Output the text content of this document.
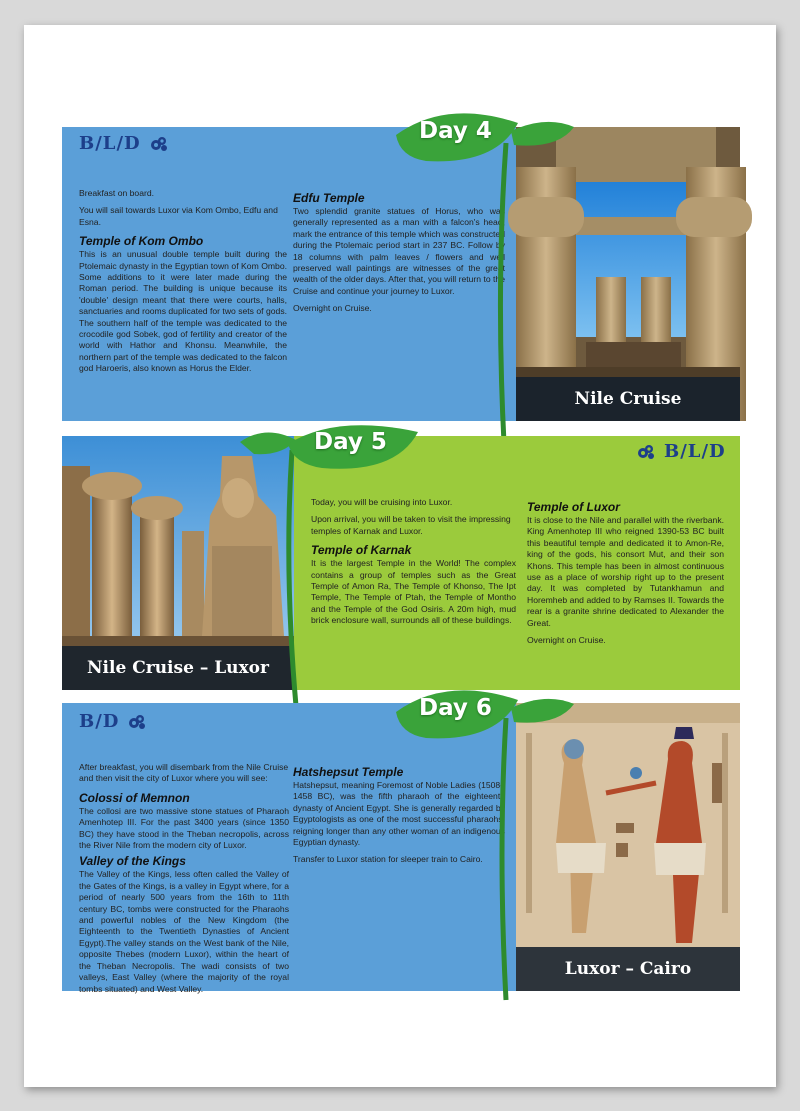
B/L/D

Breakfast on board.

You will sail towards Luxor via Kom Ombo, Edfu and Esna.

Temple of Kom Ombo
This is an unusual double temple built during the Ptolemaic dynasty in the Egyptian town of Kom Ombo. Some additions to it were later made during the Roman period. The building is unique because its 'double' design meant that there were courts, halls, sanctuaries and rooms duplicated for two sets of gods. The southern half of the temple was dedicated to the crocodile god Sobek, god of fertility and creator of the world with Hathor and Khonsu. Meanwhile, the northern part of the temple was dedicated to the falcon god Haroeris, also known as Horus the Elder.
Edfu Temple
Two splendid granite statues of Horus, who was generally represented as a man with a falcon's head, mark the entrance of this temple which was constructed during the Ptolemaic period start in 237 BC. Follow by 18 columns with palm leaves / flowers and well preserved wall paintings are witnesses of the great wealth of the older days. After that, you will return to the Cruise and continue your journey to Luxor.

Overnight on Cruise.

Nile Cruise
Day 4
B/L/D
Nile Cruise – Luxor
Day 5

Today, you will be cruising into Luxor.

Upon arrival, you will be taken to visit the impressing temples of Karnak and Luxor.

Temple of Karnak
It is the largest Temple in the World! The complex contains a group of temples such as the Great Temple of Amon Ra, The Temple of Khonso, The Ipt Temple, The Temple of Ptah, the Temple of Montho and the Temple of the God Osiris. A 20m high, mud brick enclosure wall, surrounds all of these buildings.
Temple of Luxor
It is close to the Nile and parallel with the riverbank. King Amenhotep III who reigned 1390-53 BC built this beautiful temple and dedicated it to Amon-Re, king of the gods, his consort Mut, and their son Khons. This temple has been in almost continuous use as a place of worship right up to the present day. It was completed by Tutankhamun and Horemheb and added to by Ramses II. Towards the rear is a granite shrine dedicated to Alexander the Great.

Overnight on Cruise.

B/D

After breakfast, you will disembark from the Nile Cruise and then visit the city of Luxor where you will see:

Colossi of Memnon
The collosi are two massive stone statues of Pharaoh Amenhotep III. For the past 3400 years (since 1350 BC) they have stood in the Theban necropolis, across the River Nile from the modern city of Luxor.
Valley of the Kings
The Valley of the Kings, less often called the Valley of the Gates of the Kings, is a valley in Egypt where, for a period of nearly 500 years from the 16th to 11th century BC, tombs were constructed for the Pharaohs and powerful nobles of the New Kingdom (the Eighteenth to the Twentieth Dynasties of Ancient Egypt).The valley stands on the West bank of the Nile, opposite Thebes (modern Luxor), within the heart of the Theban Necropolis. The wadi consists of two valleys, East Valley (where the majority of the royal tombs situated) and West Valley.
Hatshepsut Temple
Hatshepsut, meaning Foremost of Noble Ladies (1508–1458 BC), was the fifth pharaoh of the eighteenth dynasty of Ancient Egypt. She is generally regarded by Egyptologists as one of the most successful pharaohs, reigning longer than any other woman of an indigenous Egyptian dynasty.

Transfer to Luxor station for sleeper train to Cairo.

Luxor – Cairo
Day 6
